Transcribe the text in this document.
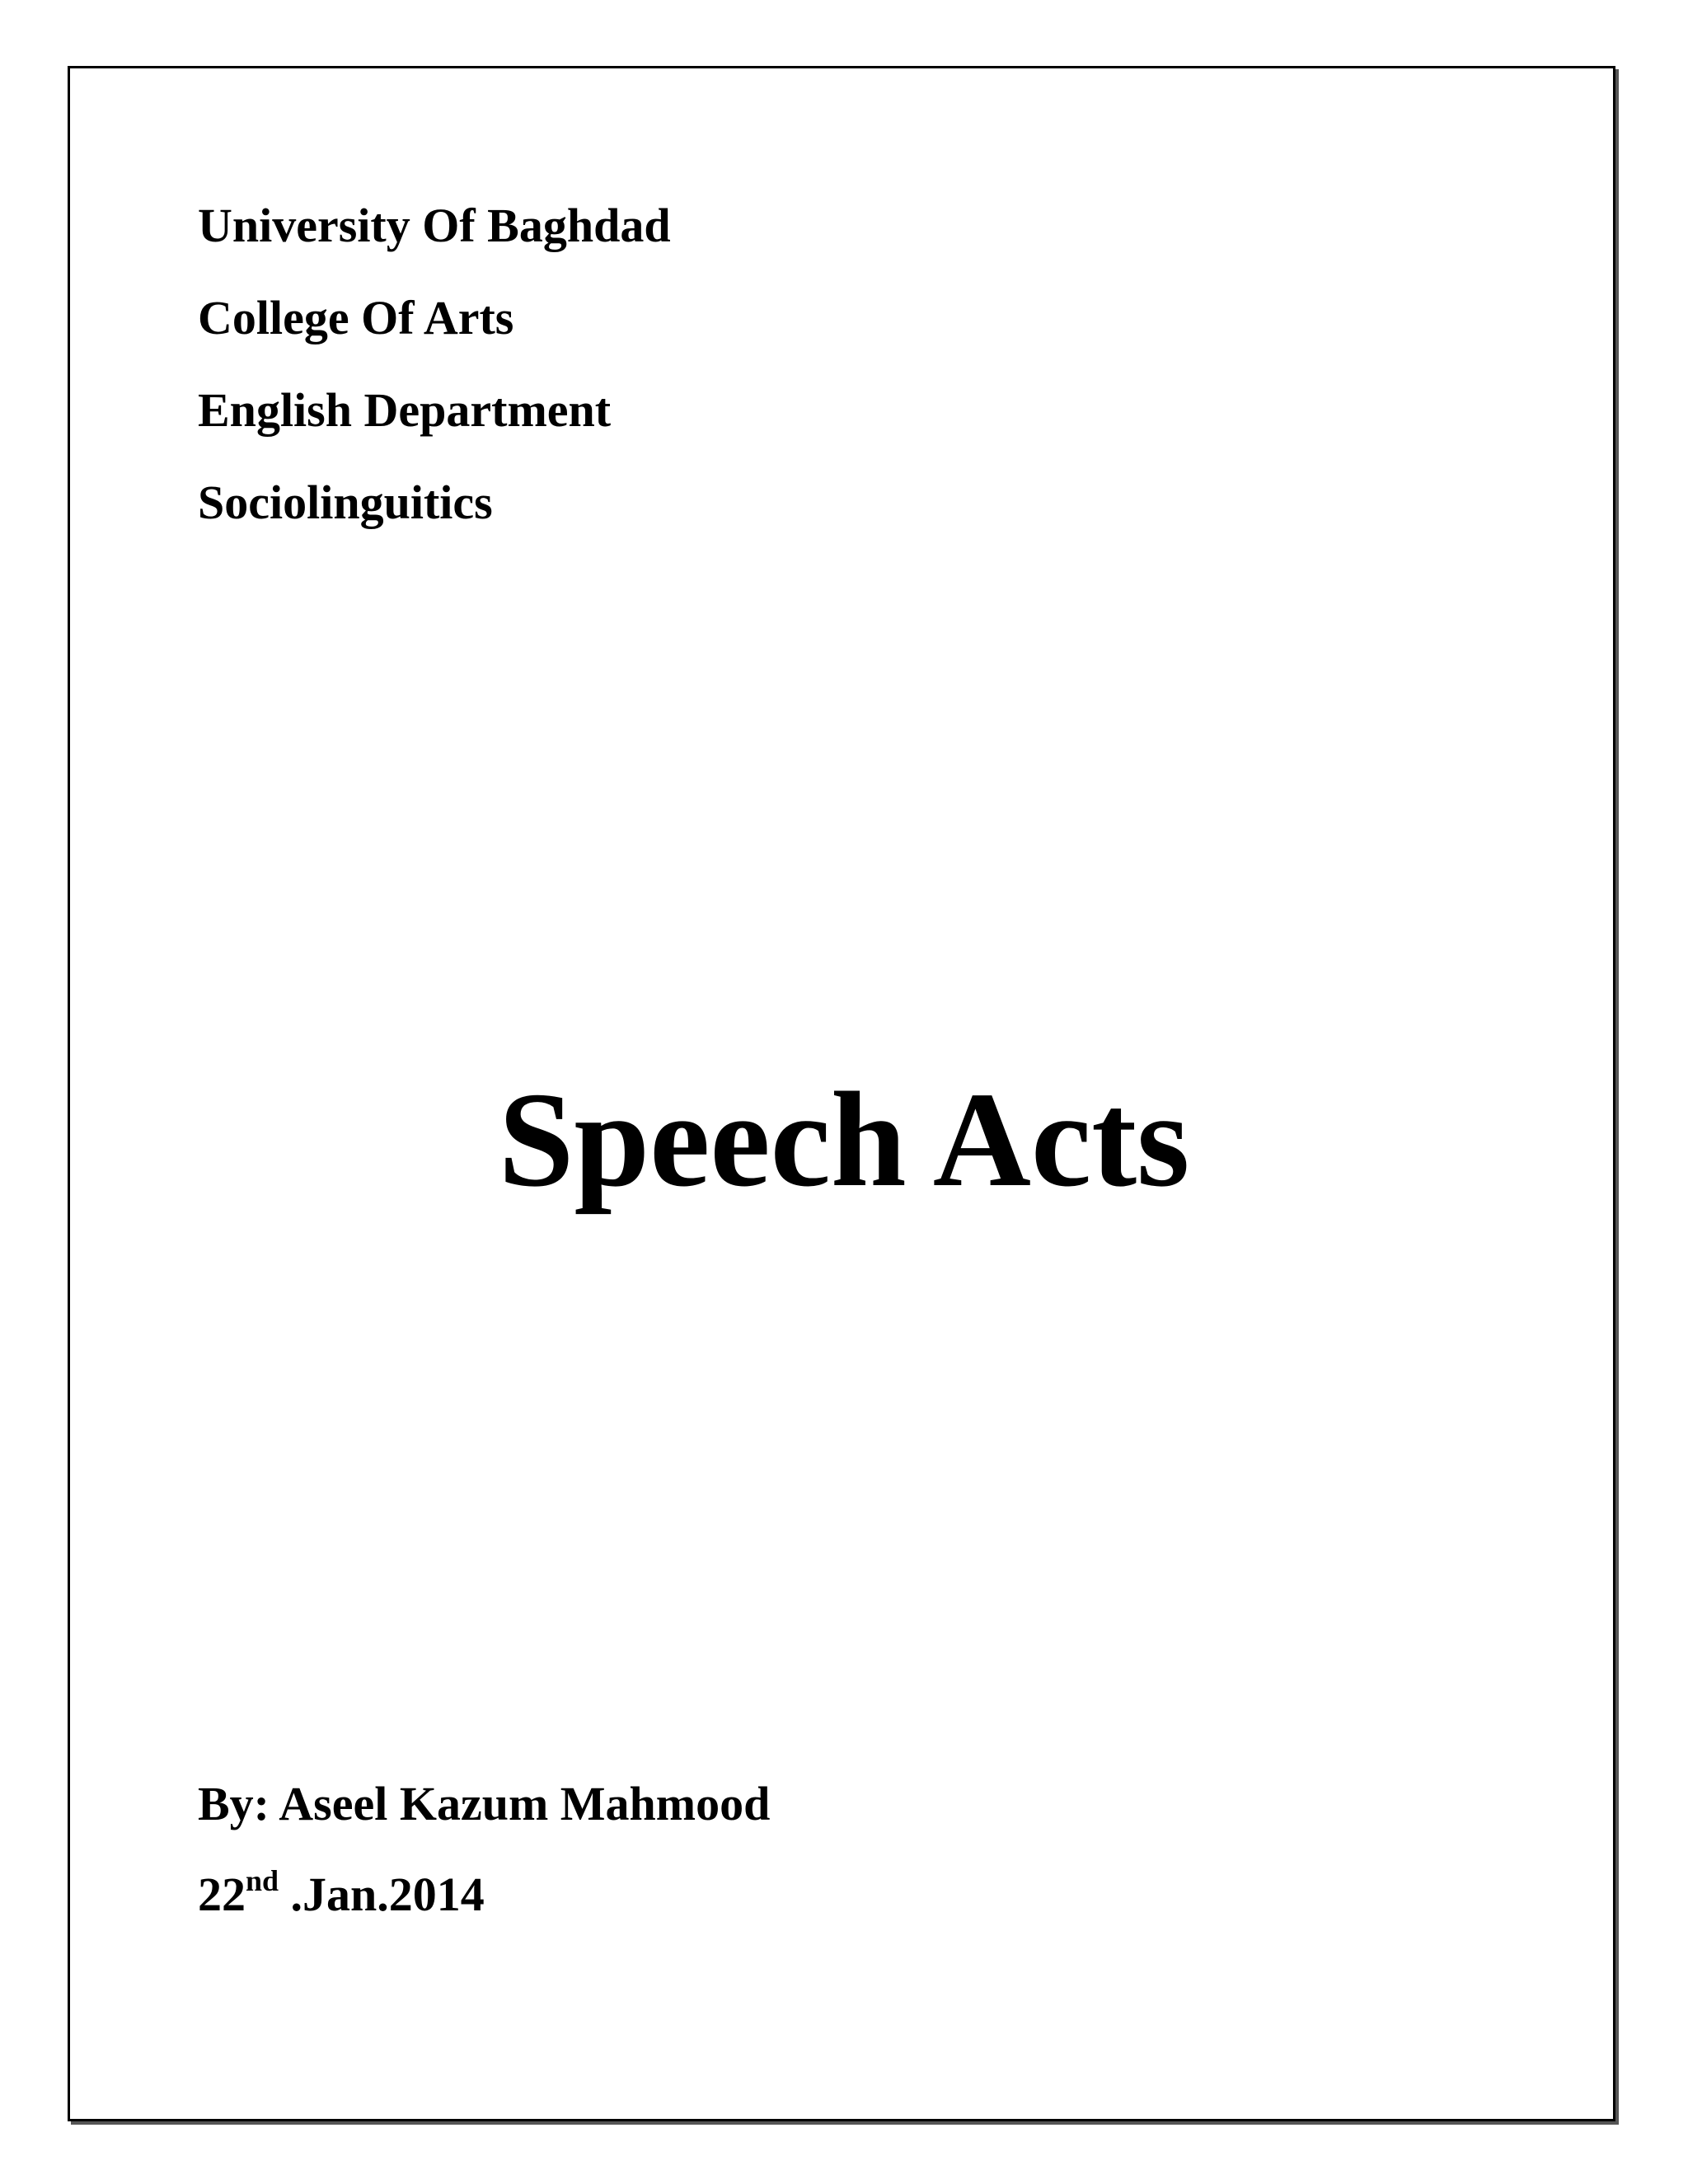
University Of Baghdad
College Of Arts
English Department
Sociolinguitics
Speech Acts
By: Aseel Kazum Mahmood
22nd .Jan.2014
